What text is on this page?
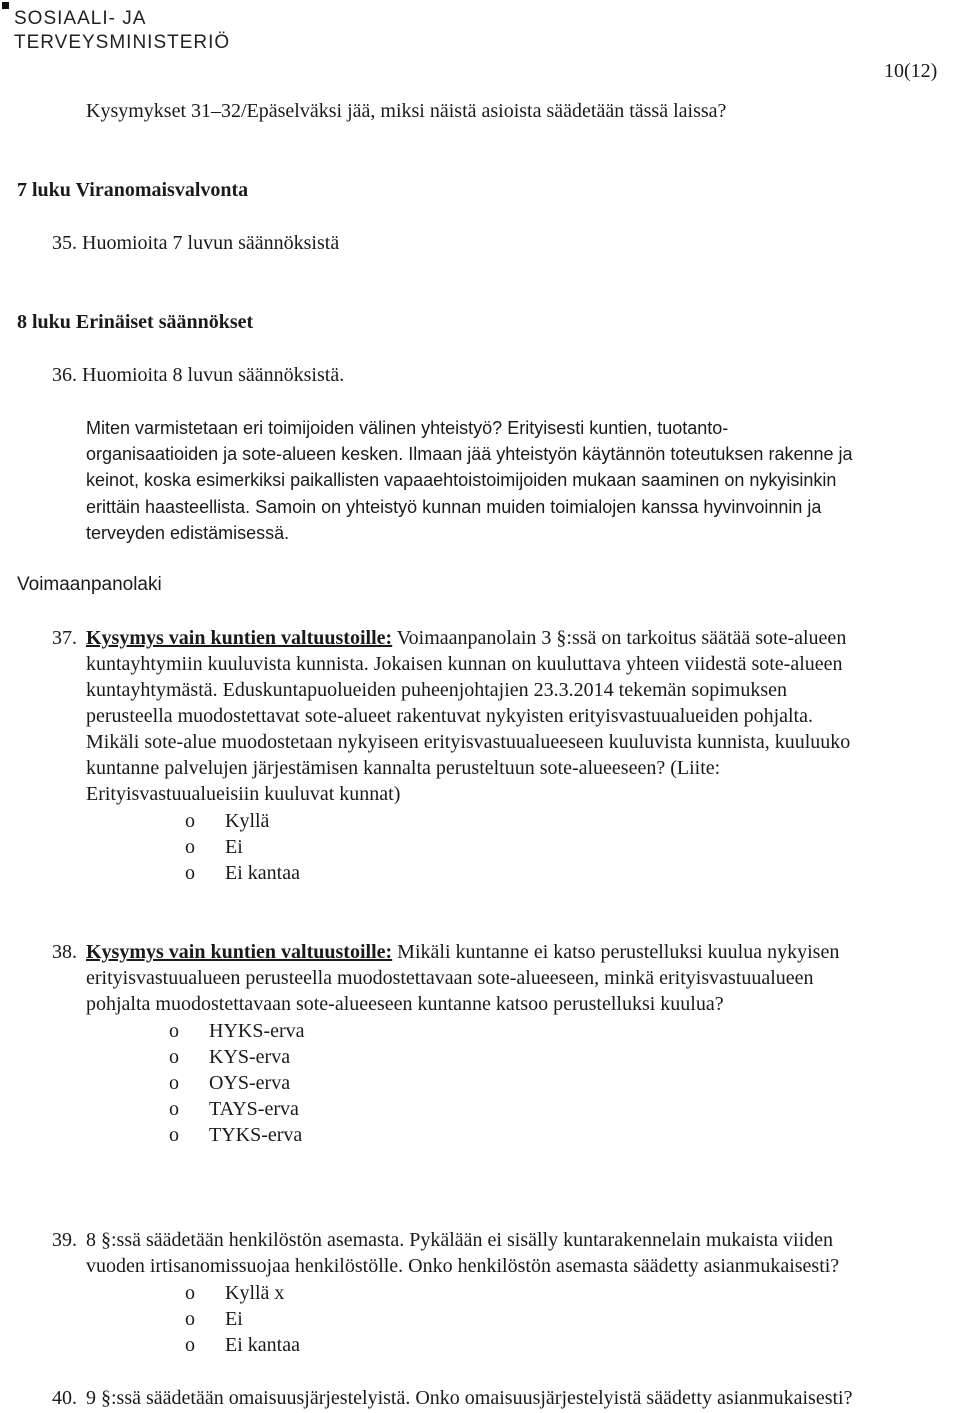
SOSIAALI- JA
TERVEYSMINISTERIÖ
10(12)
Kysymykset 31–32/Epäselväksi jää, miksi näistä asioista säädetään tässä laissa?
7 luku Viranomaisvalvonta
35. Huomioita 7 luvun säännöksistä
8 luku Erinäiset säännökset
36. Huomioita 8 luvun säännöksistä.
Miten varmistetaan eri toimijoiden välinen yhteistyö? Erityisesti kuntien, tuotanto-
organisaatioiden ja sote-alueen kesken. Ilmaan jää yhteistyön käytännön toteutuksen rakenne ja
keinot, koska esimerkiksi paikallisten vapaaehtoistoimijoiden mukaan saaminen on nykyisinkin
erittäin haasteellista. Samoin on yhteistyö kunnan muiden toimialojen kanssa hyvinvoinnin ja
terveyden edistämisessä.
Voimaanpanolaki
37. Kysymys vain kuntien valtuustoille: Voimaanpanolain 3 §:ssä on tarkoitus säätää sote-alueen
kuntayhtymiin kuuluvista kunnista. Jokaisen kunnan on kuuluttava yhteen viidestä sote-alueen
kuntayhtymästä. Eduskuntapuolueiden puheenjohtajien 23.3.2014 tekemän sopimuksen
perusteella muodostettavat sote-alueet rakentuvat nykyisten erityisvastuualueiden pohjalta.
Mikäli sote-alue muodostetaan nykyiseen erityisvastuualueeseen kuuluvista kunnista, kuuluuko
kuntanne palvelujen järjestämisen kannalta perusteltuun sote-alueeseen? (Liite:
Erityisvastuualueisiin kuuluvat kunnat)
o Kyllä
o Ei
o Ei kantaa
38. Kysymys vain kuntien valtuustoille: Mikäli kuntanne ei katso perustelluksi kuulua nykyisen
erityisvastuualueen perusteella muodostettavaan sote-alueeseen, minkä erityisvastuualueen
pohjalta muodostettavaan sote-alueeseen kuntanne katsoo perustelluksi kuulua?
o HYKS-erva
o KYS-erva
o OYS-erva
o TAYS-erva
o TYKS-erva
39. 8 §:ssä säädetään henkilöstön asemasta. Pykälään ei sisälly kuntarakennelain mukaista viiden
vuoden irtisanomissuojaa henkilöstölle. Onko henkilöstön asemasta säädetty asianmukaisesti?
o Kyllä x
o Ei
o Ei kantaa
40. 9 §:ssä säädetään omaisuusjärjestelyistä. Onko omaisuusjärjestelyistä säädetty asianmukaisesti?
